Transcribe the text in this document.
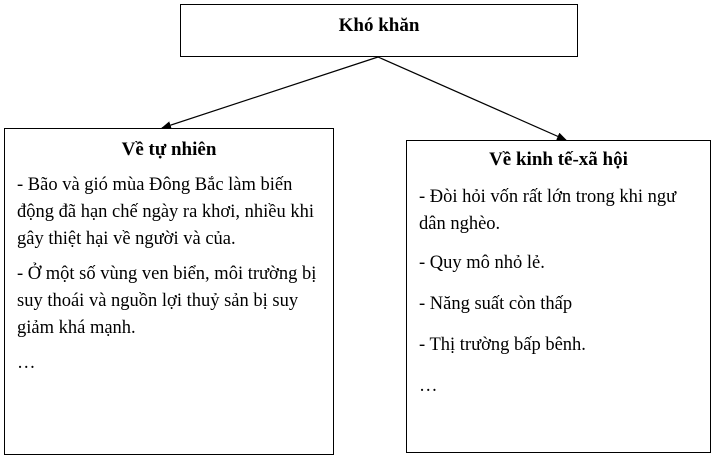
Khó khăn
Về tự nhiên

- Bão và gió mùa Đông Bắc làm biến động đã hạn chế ngày ra khơi, nhiều khi gây thiệt hại về người và của.

- Ở một số vùng ven biển, môi trường bị suy thoái và nguồn lợi thuỷ sản bị suy giảm khá mạnh.

…

Về kinh tế-xã hội

- Đòi hỏi vốn rất lớn trong khi ngư dân nghèo.

- Quy mô nhỏ lẻ.

- Năng suất còn thấp

- Thị trường bấp bênh.

…
